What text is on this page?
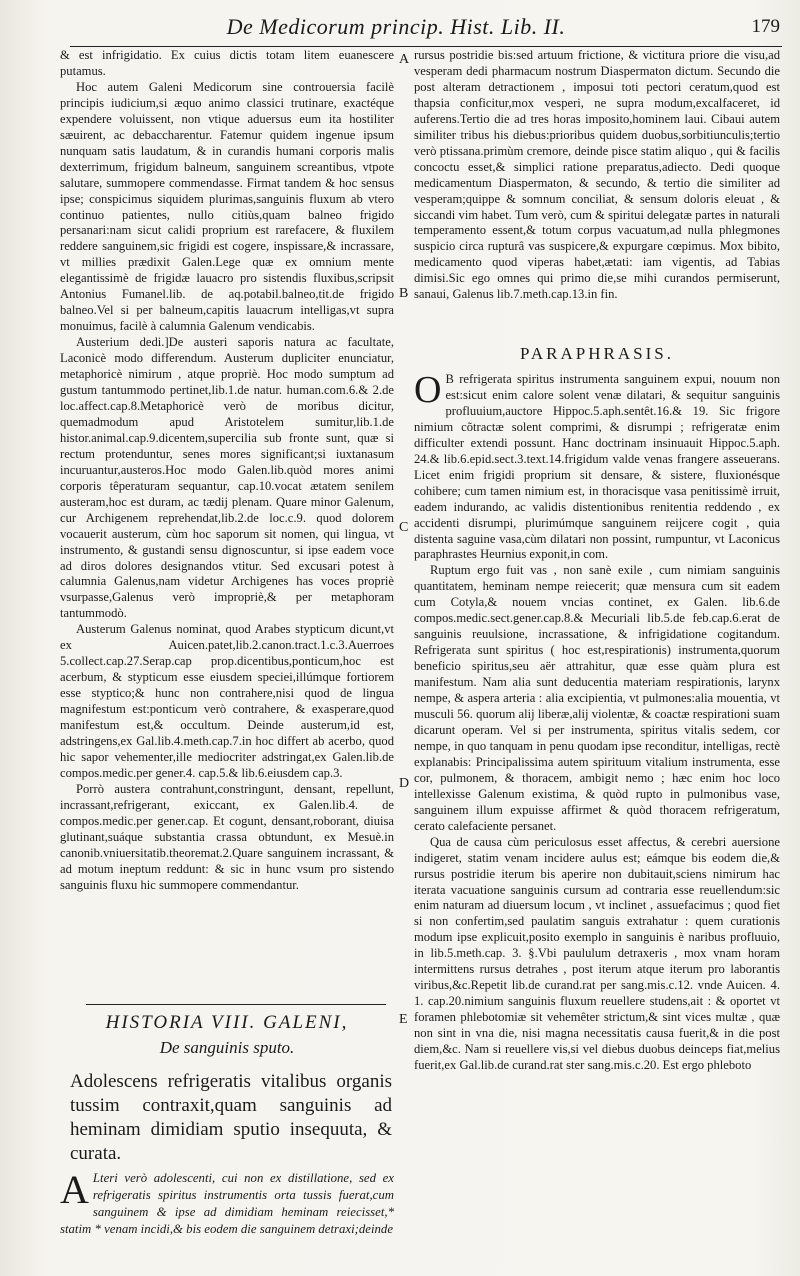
De Medicorum princip. Hist. Lib. II.	179

& est infrigidatio. Ex cuius dictis totam litem euanescere putamus.

Hoc autem Galeni Medicorum sine controuersia facilè principis iudicium,si æquo animo classici trutinare, exactéque expendere voluissent, non vtique aduersus eum ita hostiliter sæuirent, ac debaccharentur. Fatemur quidem ingenue ipsum nunquam satis laudatum, & in curandis humani corporis malis dexterrimum, frigidum balneum, sanguinem screantibus, vtpote salutare, summopere commendasse. Firmat tandem & hoc sensus ipse; conspicimus siquidem plurimas,sanguinis fluxum ab vtero continuo patientes, nullo citiùs,quam balneo frigido persanari:nam sicut calidi proprium est rarefacere, & fluxilem reddere sanguinem,sic frigidi est cogere, inspissare,& incrassare, vt millies prædixit Galen.Lege quæ ex omnium mente elegantissimè de frigidæ lauacro pro sistendis fluxibus,scripsit Antonius Fumanel.lib. de aq.potabil.balneo,tit.de frigido balneo.Vel si per balneum,capitis lauacrum intelligas,vt supra monuimus, facilè à calumnia Galenum vendicabis.

Austerium dedi.]De austeri saporis natura ac facultate, Laconicè modo differendum. Austerum dupliciter enunciatur, metaphoricè nimirum , atque propriè. Hoc modo sumptum ad gustum tantummodo pertinet,lib.1.de natur. human.com.6.& 2.de loc.affect.cap.8.Metaphoricè verò de moribus dicitur, quemadmodum apud Aristotelem sumitur,lib.1.de histor.animal.cap.9.dicentem,supercilia sub fronte sunt, quæ si rectum protenduntur, senes mores significant;si iuxtanasum incuruantur,austeros.Hoc modo Galen.lib.quòd mores animi corporis têperaturam sequantur, cap.10.vocat ætatem senilem austeram,hoc est duram, ac tædij plenam. Quare minor Galenum, cur Archigenem reprehendat,lib.2.de loc.c.9. quod dolorem vocauerit austerum, cùm hoc saporum sit nomen, qui lingua, vt instrumento, & gustandi sensu dignoscuntur, si ipse eadem voce ad diros dolores designandos vtitur. Sed excusari potest à calumnia Galenus,nam videtur Archigenes has voces propriè vsurpasse,Galenus verò impropriè,& per metaphoram tantummodò.

Austerum Galenus nominat, quod Arabes stypticum dicunt,vt ex Auicen.patet,lib.2.canon.tract.1.c.3.Auerroes 5.collect.cap.27.Serap.cap prop.dicentibus,ponticum,hoc est acerbum, & stypticum esse eiusdem speciei,illúmque fortiorem esse styptico;& hunc non contrahere,nisi quod de lingua magnifestum est:ponticum verò contrahere, & exasperare,quod manifestum est,& occultum. Deinde austerum,id est, adstringens,ex Gal.lib.4.meth.cap.7.in hoc differt ab acerbo, quod hic sapor vehementer,ille mediocriter adstringat,ex Galen.lib.de compos.medic.per gener.4. cap.5.& lib.6.eiusdem cap.3.

Porrò austera contrahunt,constringunt, densant, repellunt, incrassant,refrigerant, exiccant, ex Galen.lib.4. de compos.medic.per gener.cap. Et cogunt, densant,roborant, diuisa glutinant,suáque substantia crassa obtundunt, ex Mesuè.in canonib.vniuersitatib.theoremat.2.Quare sanguinem incrassant, & ad motum ineptum reddunt: & sic in hunc vsum pro sistendo sanguinis fluxu hic summopere commendantur.

HISTORIA VIII. GALENI,
De sanguinis sputo.
Adolescens refrigeratis vitalibus organis tussim contraxit,quam sanguinis ad heminam dimidiam sputio insequuta, & curata.
A Lteri verò adolescenti, cui non ex distillatione, sed ex refrigeratis spiritus instrumentis orta tussis fuerat,cum sanguinem & ipse ad dimidiam heminam reiecisset,* statim * venam incidi,& bis eodem die sanguinem detraxi;deinde

rursus postridie bis:sed artuum frictione, & victitura priore die visu,ad vesperam dedi pharmacum nostrum Diaspermaton dictum. Secundo die post alteram detractionem , imposui toti pectori ceratum,quod est thapsia conficitur,mox vesperi, ne supra modum,excalfaceret, id auferens.Tertio die ad tres horas imposito,hominem laui. Cibaui autem similiter tribus his diebus:prioribus quidem duobus,sorbitiunculis;tertio verò ptissana.primùm cremore, deinde pisce statim aliquo , qui & facilis concoctu esset,& simplici ratione preparatus,adiecto. Dedi quoque medicamentum Diaspermaton, & secundo, & tertio die similiter ad vesperam;quippe & somnum conciliat, & sensum doloris eleuat , & siccandi vim habet. Tum verò, cum & spiritui delegatæ partes in naturali temperamento essent,& totum corpus vacuatum,ad nulla phlegmones suspicio circa rupturâ vas suspicere,& expurgare cœpimus. Mox bibito, medicamento quod viperas habet,ætati: iam vigentis, ad Tabias dimisi.Sic ego omnes qui primo die,se mihi curandos permiserunt, sanaui, Galenus lib.7.meth.cap.13.in fin.

PARAPHRASIS.

O B refrigerata spiritus instrumenta sanguinem expui, nouum non est:sicut enim calore solent venæ dilatari, & sequitur sanguinis profluuium,auctore Hippoc.5.aph.sentêt.16.& 19. Sic frigore nimium cõtractæ solent comprimi, & disrumpi ; refrigeratæ enim difficulter extendi possunt. Hanc doctrinam insinuauit Hippoc.5.aph. 24.& lib.6.epid.sect.3.text.14.frigidum valde venas frangere asseuerans. Licet enim frigidi proprium sit densare, & sistere, fluxionésque cohibere; cum tamen nimium est, in thoracisque vasa penitissimè irruit, eadem indurando, ac validis distentionibus renitentia reddendo , ex accidenti disrumpi, plurimúmque sanguinem reijcere cogit , quia distenta saguine vasa,cùm dilatari non possint, rumpuntur, vt Laconicus paraphrastes Heurnius exponit,in com.

Ruptum ergo fuit vas , non sanè exile , cum nimiam sanguinis quantitatem, heminam nempe reiecerit; quæ mensura cum sit eadem cum Cotyla,& nouem vncias continet, ex Galen. lib.6.de compos.medic.sect.gener.cap.8.& Mecuriali lib.5.de feb.cap.6.erat de sanguinis reuulsione, incrassatione, & infrigidatione cogitandum. Refrigerata sunt spiritus ( hoc est,respirationis) instrumenta,quorum beneficio spiritus,seu aër attrahitur, quæ esse quàm plura est manifestum. Nam alia sunt deducentia materiam respirationis, larynx nempe, & aspera arteria : alia excipientia, vt pulmones:alia mouentia, vt musculi 56. quorum alij liberæ,alij violentæ, & coactæ respirationi suam dicarunt operam. Vel si per instrumenta, spiritus vitalis sedem, cor nempe, in quo tanquam in penu quodam ipse reconditur, intelligas, rectè explanabis: Principalissima autem spirituum vitalium instrumenta, esse cor, pulmonem, & thoracem, ambigit nemo ; hæc enim hoc loco intellexisse Galenum existima, & quòd rupto in pulmonibus vase, sanguinem illum expuisse affirmet & quòd thoracem refrigeratum, cerato calefaciente persanet.

Qua de causa cùm periculosus esset affectus, & cerebri auersione indigeret, statim venam incidere aulus est; eámque bis eodem die,& rursus postridie iterum bis aperire non dubitauit,sciens nimirum hac iterata vacuatione sanguinis cursum ad contraria esse reuellendum:sic enim naturam ad diuersum locum , vt inclinet , assuefacimus ; quod fiet si non confertim,sed paulatim sanguis extrahatur : quem curationis modum ipse explicuit,posito exemplo in sanguinis è naribus profluuio, in lib.5.meth.cap. 3. §.Vbi paululum detraxeris , mox vnam horam intermittens rursus detrahes , post iterum atque iterum pro laborantis viribus,&c.Repetit lib.de curand.rat per sang.mis.c.12. vnde Auicen. 4. 1. cap.20.nimium sanguinis fluxum reuellere studens,ait : & oportet vt foramen phlebotomiæ sit vehemêter strictum,& sint vices multæ , quæ non sint in vna die, nisi magna necessitatis causa fuerit,& in die post diem,&c. Nam si reuellere vis,si vel diebus duobus deinceps fiat,melius fuerit,ex Gal.lib.de curand.rat ster sang.mis.c.20. Est ergo phleboto

A
B
C
D
E
